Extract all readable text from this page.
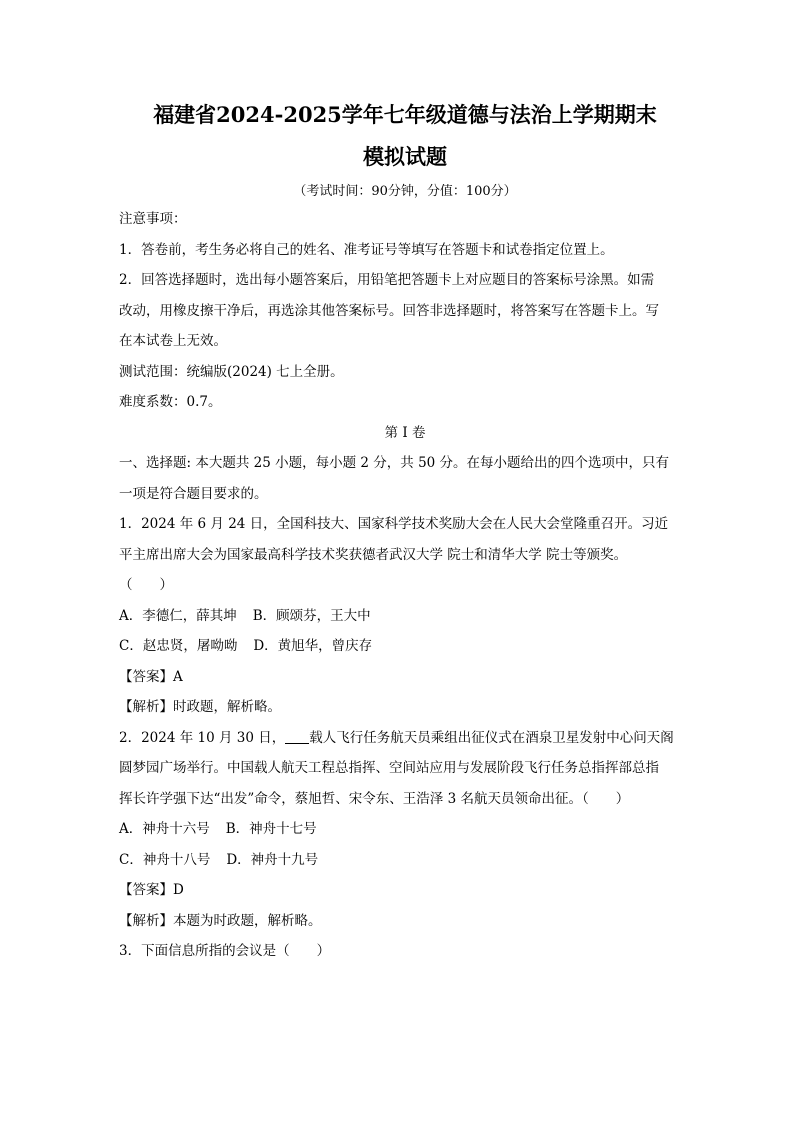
福建省2024-2025学年七年级道德与法治上学期期末
模拟试题
（考试时间：90分钟，分值：100分）

注意事项：

1．答卷前，考生务必将自己的姓名、准考证号等填写在答题卡和试卷指定位置上。

2．回答选择题时，选出每小题答案后，用铅笔把答题卡上对应题目的答案标号涂黑。如需

改动，用橡皮擦干净后，再选涂其他答案标号。回答非选择题时，将答案写在答题卡上。写

在本试卷上无效。

测试范围：统编版(2024) 七上全册。

难度系数：0.7。

第 I 卷

一、选择题: 本大题共 25 小题，每小题 2 分，共 50 分。在每小题给出的四个选项中，只有

一项是符合题目要求的。

1．2024 年 6 月 24 日，全国科技大、国家科学技术奖励大会在人民大会堂隆重召开。习近

平主席出席大会为国家最高科学技术奖获德者武汉大学 院士和清华大学 院士等颁奖。

（　　）

A．李德仁，薛其坤 B．顾颂芬，王大中

C．赵忠贤，屠呦呦 D．黄旭华，曾庆存

【答案】A

【解析】时政题，解析略。

2．2024 年 10 月 30 日， 载人飞行任务航天员乘组出征仪式在酒泉卫星发射中心问天阁

圆梦园广场举行。中国载人航天工程总指挥、空间站应用与发展阶段飞行任务总指挥部总指

挥长许学强下达“出发”命令，蔡旭哲、宋令东、王浩泽 3 名航天员领命出征。（　　）

A．神舟十六号 B．神舟十七号

C．神舟十八号 D．神舟十九号

【答案】D

【解析】本题为时政题，解析略。

3．下面信息所指的会议是（　　）
